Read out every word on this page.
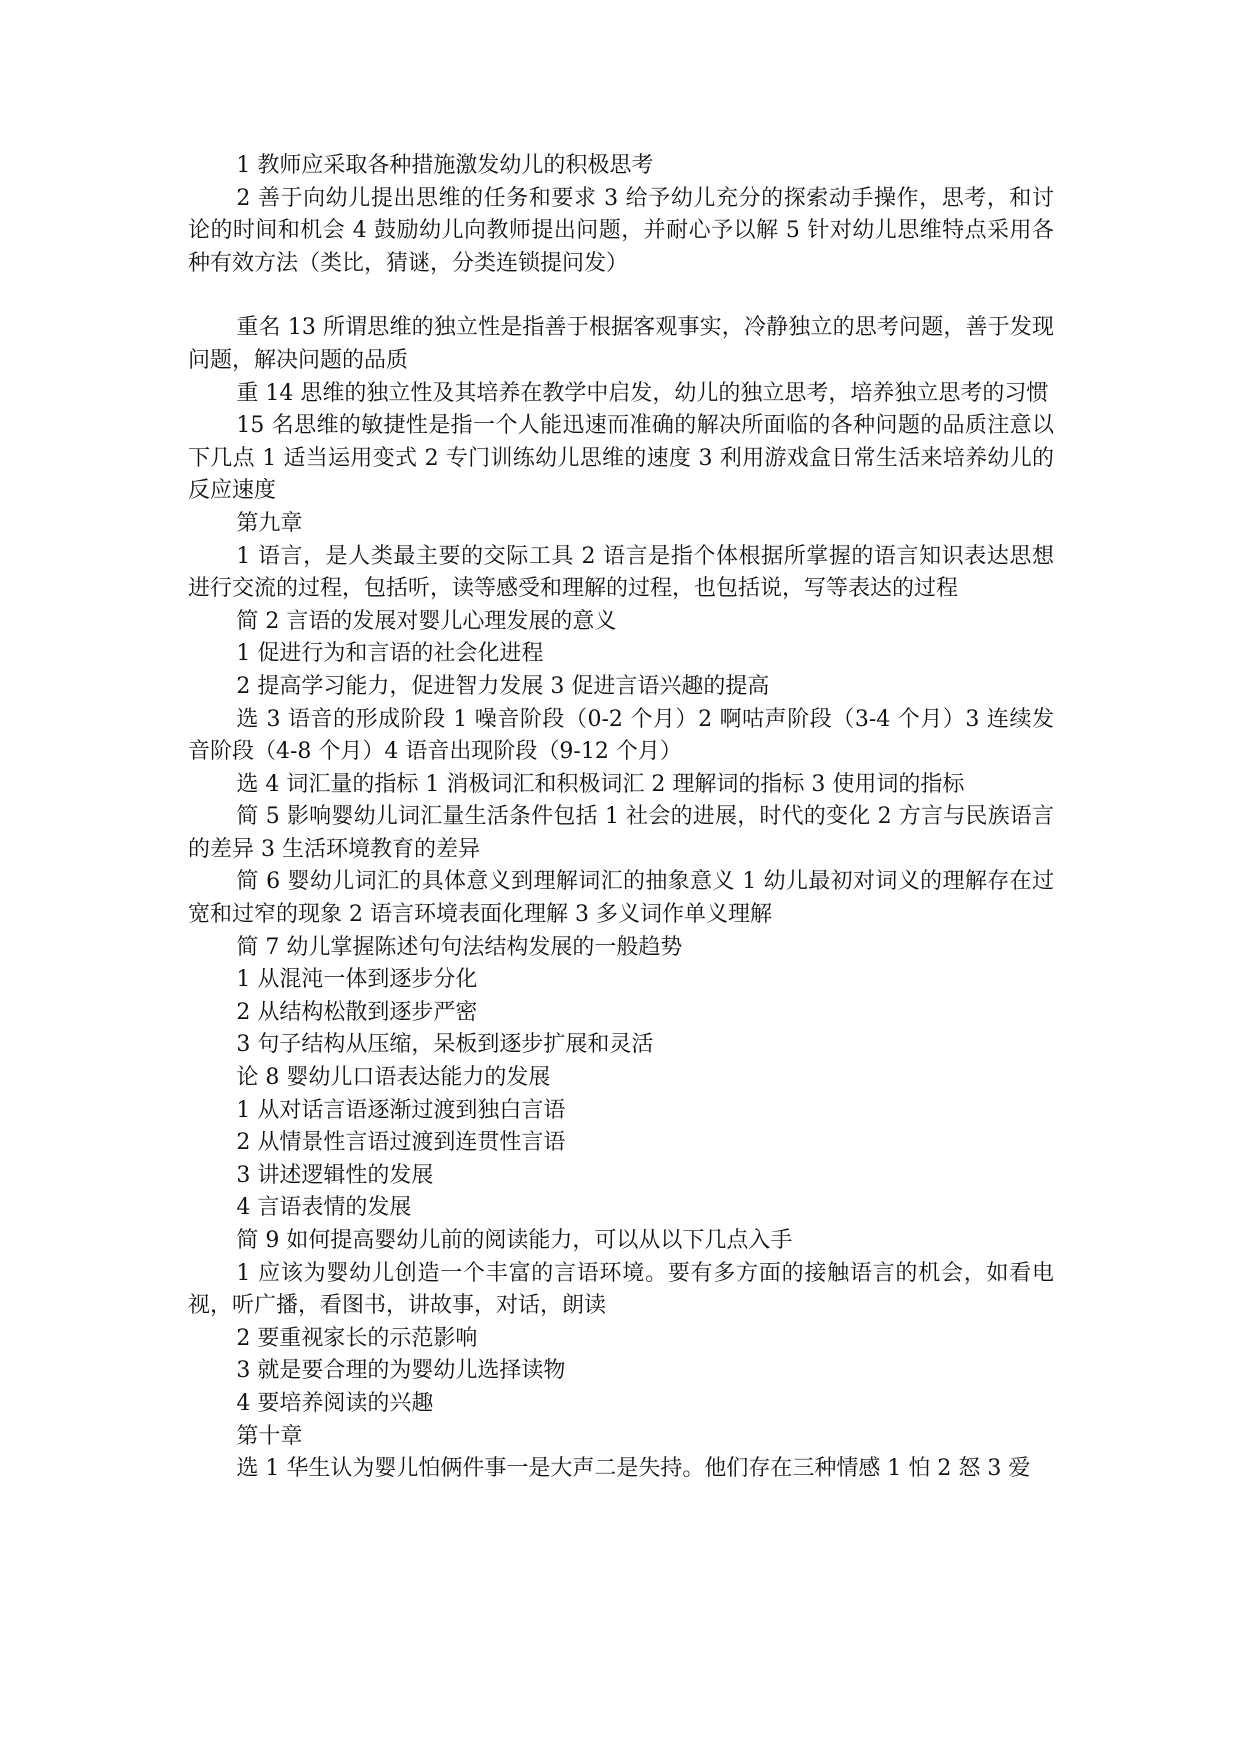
1 教师应采取各种措施激发幼儿的积极思考

2 善于向幼儿提出思维的任务和要求 3 给予幼儿充分的探索动手操作，思考，和讨论的时间和机会 4 鼓励幼儿向教师提出问题，并耐心予以解 5 针对幼儿思维特点采用各种有效方法（类比，猜谜，分类连锁提问发）

重名 13 所谓思维的独立性是指善于根据客观事实，冷静独立的思考问题，善于发现问题，解决问题的品质

重 14 思维的独立性及其培养在教学中启发，幼儿的独立思考，培养独立思考的习惯

15 名思维的敏捷性是指一个人能迅速而准确的解决所面临的各种问题的品质注意以下几点 1 适当运用变式 2 专门训练幼儿思维的速度 3 利用游戏盒日常生活来培养幼儿的反应速度

第九章

1 语言，是人类最主要的交际工具 2 语言是指个体根据所掌握的语言知识表达思想进行交流的过程，包括听，读等感受和理解的过程，也包括说，写等表达的过程

简 2 言语的发展对婴儿心理发展的意义

1 促进行为和言语的社会化进程

2 提高学习能力，促进智力发展 3 促进言语兴趣的提高

选 3 语音的形成阶段 1 噪音阶段（0-2 个月）2 啊咕声阶段（3-4 个月）3 连续发音阶段（4-8 个月）4 语音出现阶段（9-12 个月）

选 4 词汇量的指标 1 消极词汇和积极词汇 2 理解词的指标 3 使用词的指标

简 5 影响婴幼儿词汇量生活条件包括 1 社会的进展，时代的变化 2 方言与民族语言的差异 3 生活环境教育的差异

简 6 婴幼儿词汇的具体意义到理解词汇的抽象意义 1 幼儿最初对词义的理解存在过宽和过窄的现象 2 语言环境表面化理解 3 多义词作单义理解

简 7 幼儿掌握陈述句句法结构发展的一般趋势

1 从混沌一体到逐步分化

2 从结构松散到逐步严密

3 句子结构从压缩，呆板到逐步扩展和灵活

论 8 婴幼儿口语表达能力的发展

1 从对话言语逐渐过渡到独白言语

2 从情景性言语过渡到连贯性言语

3 讲述逻辑性的发展

4 言语表情的发展

简 9 如何提高婴幼儿前的阅读能力，可以从以下几点入手

1 应该为婴幼儿创造一个丰富的言语环境。要有多方面的接触语言的机会，如看电视，听广播，看图书，讲故事，对话，朗读

2 要重视家长的示范影响

3 就是要合理的为婴幼儿选择读物

4 要培养阅读的兴趣

第十章

选 1 华生认为婴儿怕俩件事一是大声二是失持。他们存在三种情感 1 怕 2 怒 3 爱
